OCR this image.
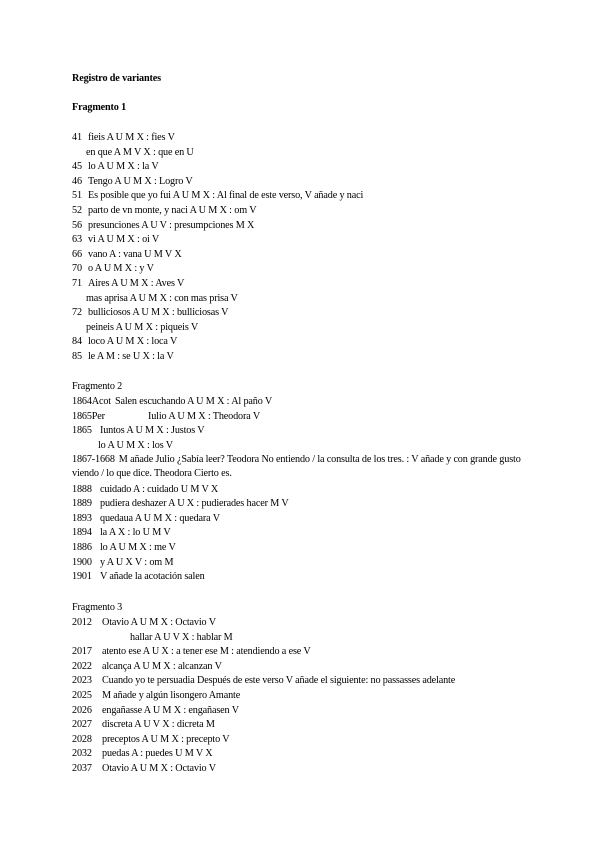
Registro de variantes
Fragmento 1
41 fieis A U M X : fies V
en que A M V X : que en U
45 lo A U M X : la V
46 Tengo A U M X : Logro V
51 Es posible que yo fui A U M X : Al final de este verso, V añade y naci
52 parto de vn monte, y naci A U M X : om V
56 presunciones A U V : presumpciones M X
63 vi A U M X : oi V
66 vano A : vana U M V X
70 o A U M X : y V
71 Aires A U M X : Aves V
mas aprisa A U M X : con mas prisa V
72 bulliciosos A U M X : bulliciosas V
peineis A U M X : piqueis V
84 loco A U M X : loca V
85 le A M : se U X : la V
Fragmento 2
1864Acot Salen escuchando A U M X : Al paño V
1865Per	Iulio A U M X : Theodora V
1865 Iuntos A U M X : Justos V
lo A U M X : los V
1867-1668 M añade Julio ¿Sabía leer? Teodora No entiendo / la consulta de los tres. : V añade y con grande gusto viendo / lo que dice. Theodora Cierto es.
1888 cuidado A : cuidado U M V X
1889 pudiera deshazer A U X : pudierades hacer M V
1893 quedaua A U M X : quedara V
1894 la A X : lo U M V
1886 lo A U M X : me V
1900 y A U X V : om M
1901 V añade la acotación salen
Fragmento 3
2012 Otavio A U M X : Octavio V
hallar A U V X : hablar M
2017 atento ese A U X : a tener ese M : atendiendo a ese V
2022 alcança A U M X : alcanzan V
2023 Cuando yo te persuadia Después de este verso V añade el siguiente: no passasses adelante
2025 M añade y algún lisongero Amante
2026 engañasse A U M X : engañasen V
2027 discreta A U V X : dicreta M
2028 preceptos A U M X : precepto V
2032 puedas A : puedes U M V X
2037 Otavio A U M X : Octavio V
